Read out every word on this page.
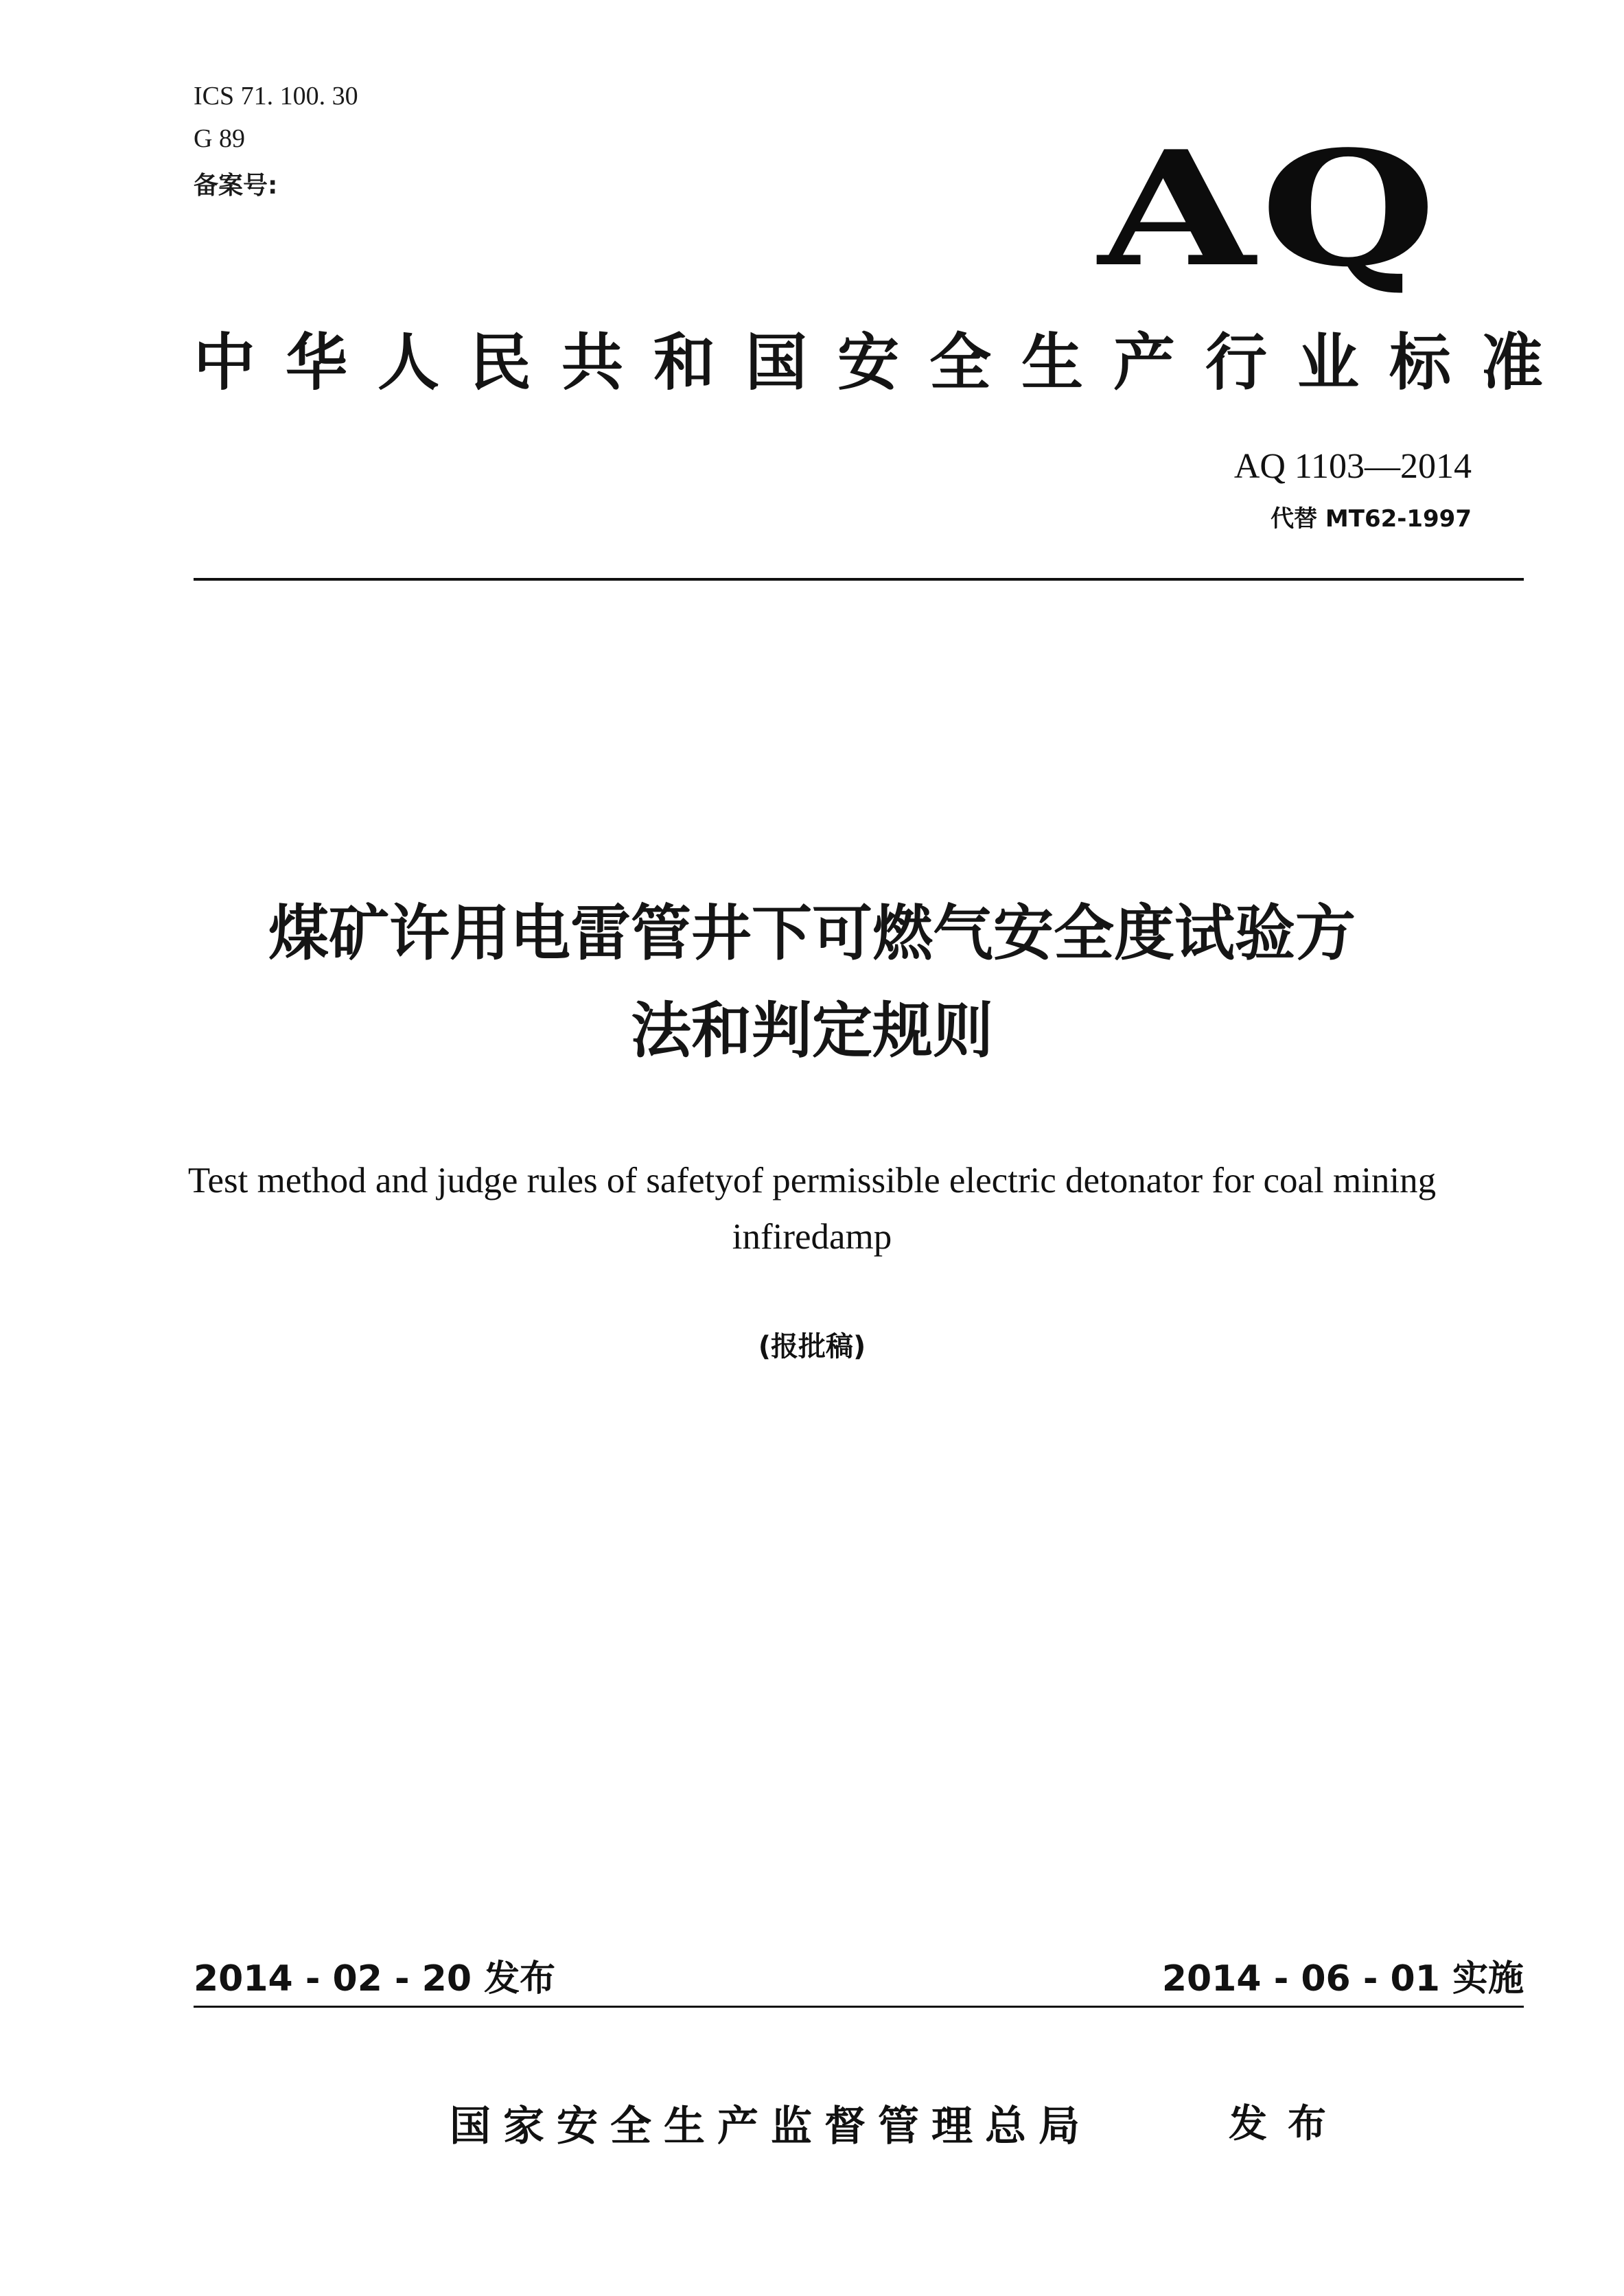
ICS 71. 100. 30
G 89
备案号:	AQ
中华人民共和国安全生产行业标准
AQ 1103—2014
代替 MT62-1997
煤矿许用电雷管井下可燃气安全度试验方
法和判定规则
Test method and judge rules of safetyof permissible electric detonator for coal mining
infiredamp
(报批稿)
2014 - 02 - 20 发布	2014 - 06 - 01 实施
国家安全生产监督管理总局	发布
